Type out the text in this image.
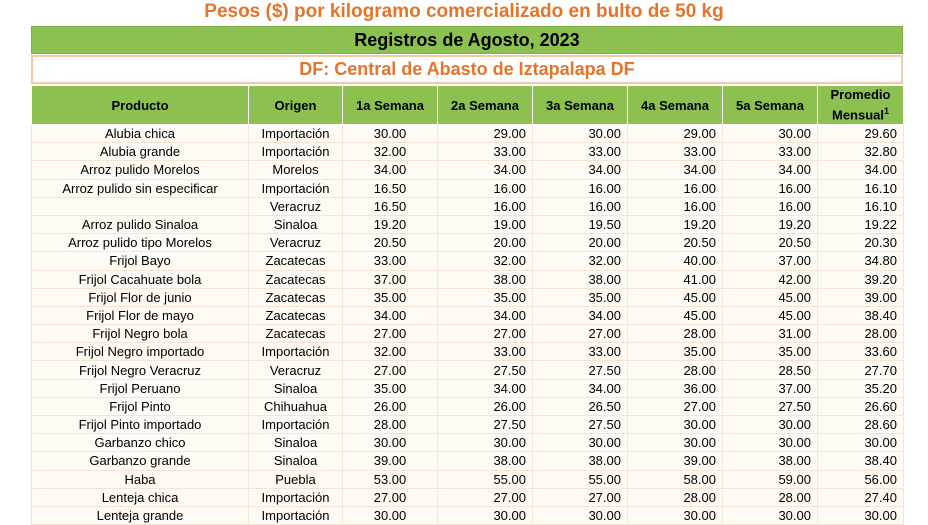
Pesos ($) por kilogramo comercializado en bulto de 50 kg
Registros de Agosto, 2023
DF: Central de Abasto de Iztapalapa DF
Producto	Origen	1a Semana	2a Semana	3a Semana	4a Semana	5a Semana	Promedio Mensual$^1$
Alubia chica	Importación	30.00	29.00	30.00	29.00	30.00	29.60
Alubia grande	Importación	32.00	33.00	33.00	33.00	33.00	32.80
Arroz pulido Morelos	Morelos	34.00	34.00	34.00	34.00	34.00	34.00
Arroz pulido sin especificar	Importación	16.50	16.00	16.00	16.00	16.00	16.10
	Veracruz	16.50	16.00	16.00	16.00	16.00	16.10
Arroz pulido Sinaloa	Sinaloa	19.20	19.00	19.50	19.20	19.20	19.22
Arroz pulido tipo Morelos	Veracruz	20.50	20.00	20.00	20.50	20.50	20.30
Frijol Bayo	Zacatecas	33.00	32.00	32.00	40.00	37.00	34.80
Frijol Cacahuate bola	Zacatecas	37.00	38.00	38.00	41.00	42.00	39.20
Frijol Flor de junio	Zacatecas	35.00	35.00	35.00	45.00	45.00	39.00
Frijol Flor de mayo	Zacatecas	34.00	34.00	34.00	45.00	45.00	38.40
Frijol Negro bola	Zacatecas	27.00	27.00	27.00	28.00	31.00	28.00
Frijol Negro importado	Importación	32.00	33.00	33.00	35.00	35.00	33.60
Frijol Negro Veracruz	Veracruz	27.00	27.50	27.50	28.00	28.50	27.70
Frijol Peruano	Sinaloa	35.00	34.00	34.00	36.00	37.00	35.20
Frijol Pinto	Chihuahua	26.00	26.00	26.50	27.00	27.50	26.60
Frijol Pinto importado	Importación	28.00	27.50	27.50	30.00	30.00	28.60
Garbanzo chico	Sinaloa	30.00	30.00	30.00	30.00	30.00	30.00
Garbanzo grande	Sinaloa	39.00	38.00	38.00	39.00	38.00	38.40
Haba	Puebla	53.00	55.00	55.00	58.00	59.00	56.00
Lenteja chica	Importación	27.00	27.00	27.00	28.00	28.00	27.40
Lenteja grande	Importación	30.00	30.00	30.00	30.00	30.00	30.00
